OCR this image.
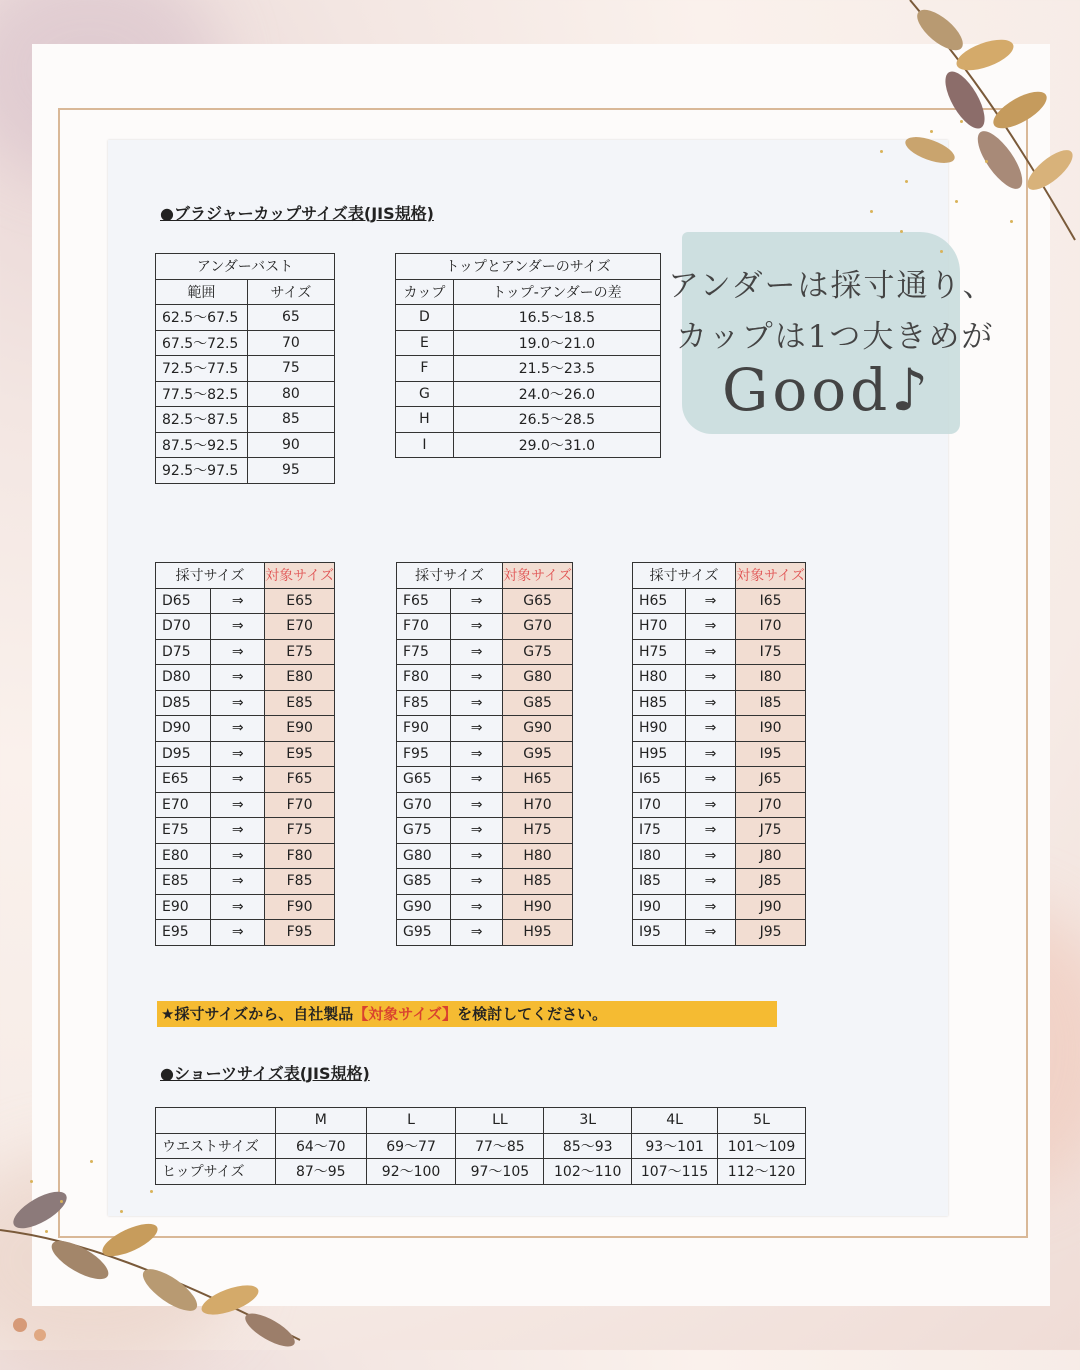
●ブラジャーカップサイズ表(JIS規格)
アンダーバスト	
範囲	サイズ
62.5〜67.5	65
67.5〜72.5	70
72.5〜77.5	75
77.5〜82.5	80
82.5〜87.5	85
87.5〜92.5	90
92.5〜97.5	95
トップとアンダーのサイズ	
カップ	トップ-アンダーの差
D	16.5〜18.5
E	19.0〜21.0
F	21.5〜23.5
G	24.0〜26.0
H	26.5〜28.5
I	29.0〜31.0
採寸サイズ		対象サイズ
D65	⇒	E65
D70	⇒	E70
D75	⇒	E75
D80	⇒	E80
D85	⇒	E85
D90	⇒	E90
D95	⇒	E95
E65	⇒	F65
E70	⇒	F70
E75	⇒	F75
E80	⇒	F80
E85	⇒	F85
E90	⇒	F90
E95	⇒	F95
採寸サイズ		対象サイズ
F65	⇒	G65
F70	⇒	G70
F75	⇒	G75
F80	⇒	G80
F85	⇒	G85
F90	⇒	G90
F95	⇒	G95
G65	⇒	H65
G70	⇒	H70
G75	⇒	H75
G80	⇒	H80
G85	⇒	H85
G90	⇒	H90
G95	⇒	H95
採寸サイズ		対象サイズ
H65	⇒	I65
H70	⇒	I70
H75	⇒	I75
H80	⇒	I80
H85	⇒	I85
H90	⇒	I90
H95	⇒	I95
I65	⇒	J65
I70	⇒	J70
I75	⇒	J75
I80	⇒	J80
I85	⇒	J85
I90	⇒	J90
I95	⇒	J95
★採寸サイズから、自社製品【対象サイズ】を検討してください。
●ショーツサイズ表(JIS規格)
	M	L	LL	3L	4L	5L
ウエストサイズ	64〜70	69〜77	77〜85	85〜93	93〜101	101〜109
ヒップサイズ	87〜95	92〜100	97〜105	102〜110	107〜115	112〜120
アンダーは採寸通り、
カップは1つ大きめが
Good♪
